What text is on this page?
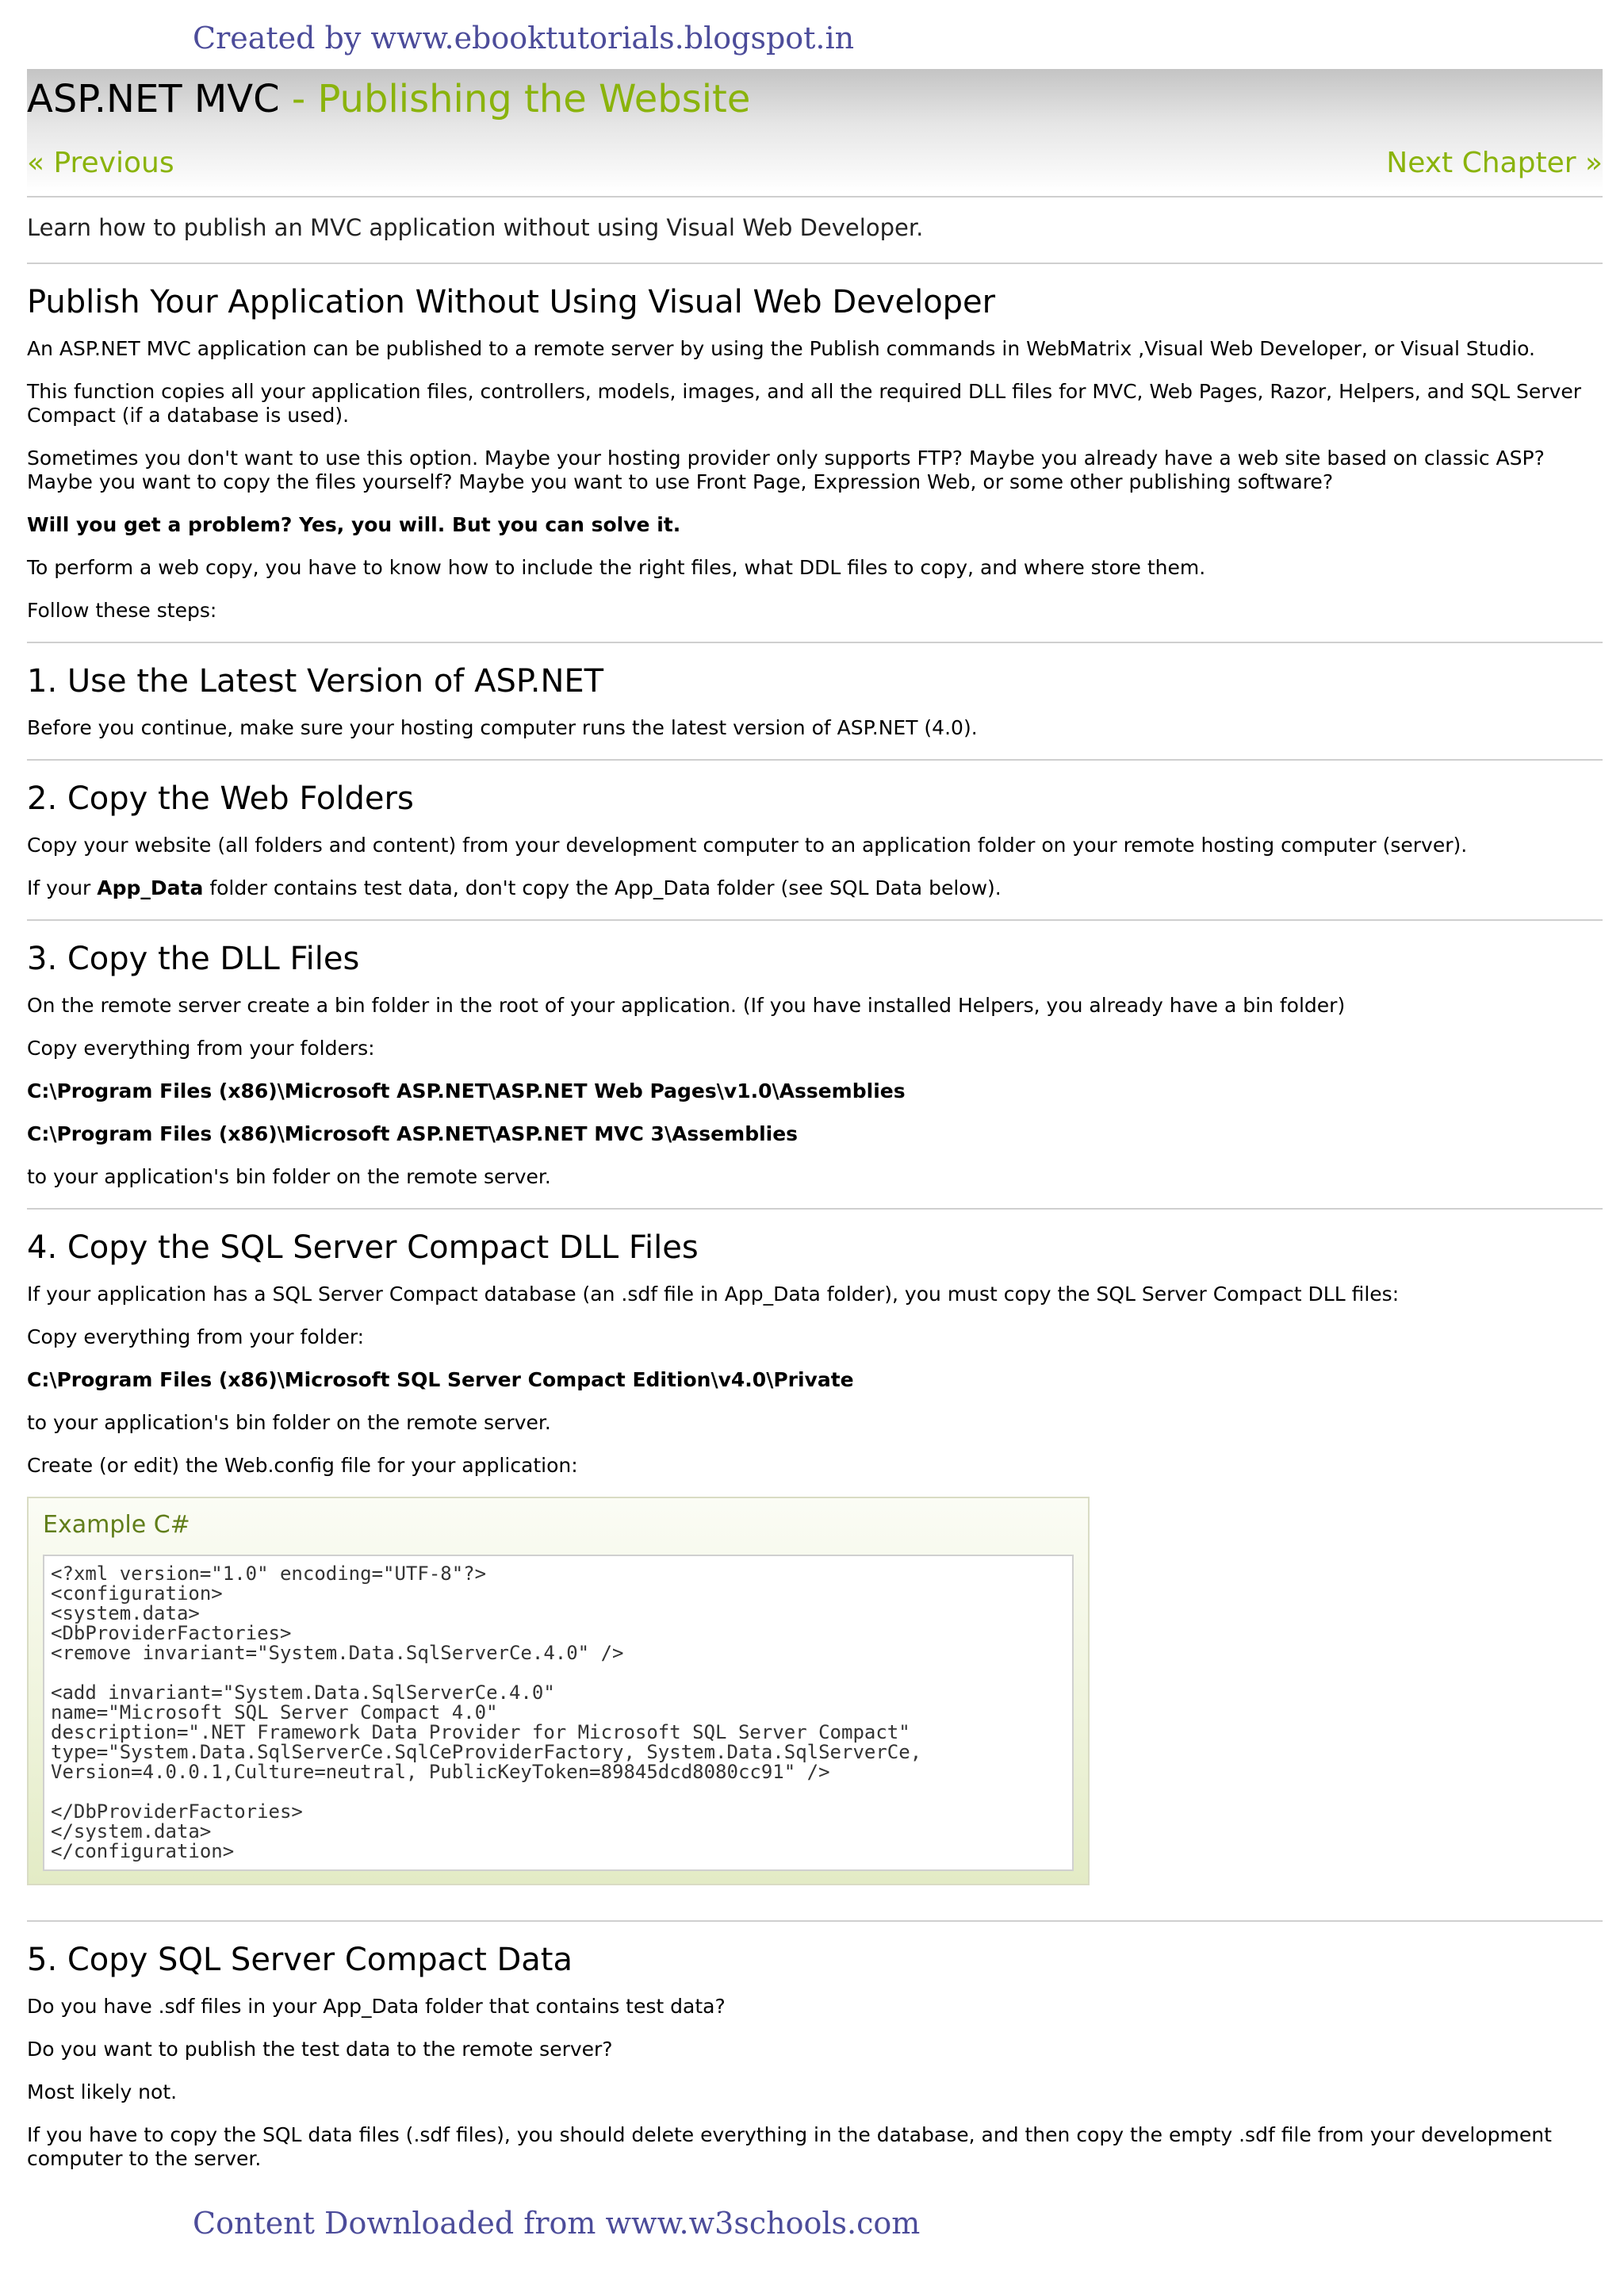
Created by www.ebooktutorials.blogspot.in
ASP.NET MVC - Publishing the Website
« Previous	Next Chapter »
Learn how to publish an MVC application without using Visual Web Developer.
Publish Your Application Without Using Visual Web Developer

An ASP.NET MVC application can be published to a remote server by using the Publish commands in WebMatrix ,Visual Web Developer, or Visual Studio.

This function copies all your application files, controllers, models, images, and all the required DLL files for MVC, Web Pages, Razor, Helpers, and SQL Server Compact (if a database is used).

Sometimes you don't want to use this option. Maybe your hosting provider only supports FTP? Maybe you already have a web site based on classic ASP? Maybe you want to copy the files yourself? Maybe you want to use Front Page, Expression Web, or some other publishing software?

Will you get a problem? Yes, you will. But you can solve it.

To perform a web copy, you have to know how to include the right files, what DDL files to copy, and where store them.

Follow these steps:

1. Use the Latest Version of ASP.NET

Before you continue, make sure your hosting computer runs the latest version of ASP.NET (4.0).

2. Copy the Web Folders

Copy your website (all folders and content) from your development computer to an application folder on your remote hosting computer (server).

If your App_Data folder contains test data, don't copy the App_Data folder (see SQL Data below).

3. Copy the DLL Files

On the remote server create a bin folder in the root of your application. (If you have installed Helpers, you already have a bin folder)

Copy everything from your folders:

C:\Program Files (x86)\Microsoft ASP.NET\ASP.NET Web Pages\v1.0\Assemblies

C:\Program Files (x86)\Microsoft ASP.NET\ASP.NET MVC 3\Assemblies

to your application's bin folder on the remote server.

4. Copy the SQL Server Compact DLL Files

If your application has a SQL Server Compact database (an .sdf file in App_Data folder), you must copy the SQL Server Compact DLL files:

Copy everything from your folder:

C:\Program Files (x86)\Microsoft SQL Server Compact Edition\v4.0\Private

to your application's bin folder on the remote server.

Create (or edit) the Web.config file for your application:

Example C#
<?xml version="1.0" encoding="UTF-8"?>
<configuration>
<system.data>
<DbProviderFactories>
<remove invariant="System.Data.SqlServerCe.4.0" />

<add invariant="System.Data.SqlServerCe.4.0"
name="Microsoft SQL Server Compact 4.0"
description=".NET Framework Data Provider for Microsoft SQL Server Compact"
type="System.Data.SqlServerCe.SqlCeProviderFactory, System.Data.SqlServerCe,
Version=4.0.0.1,Culture=neutral, PublicKeyToken=89845dcd8080cc91" />

</DbProviderFactories>
</system.data>
</configuration>
5. Copy SQL Server Compact Data

Do you have .sdf files in your App_Data folder that contains test data?

Do you want to publish the test data to the remote server?

Most likely not.

If you have to copy the SQL data files (.sdf files), you should delete everything in the database, and then copy the empty .sdf file from your development computer to the server.

Content Downloaded from www.w3schools.com
